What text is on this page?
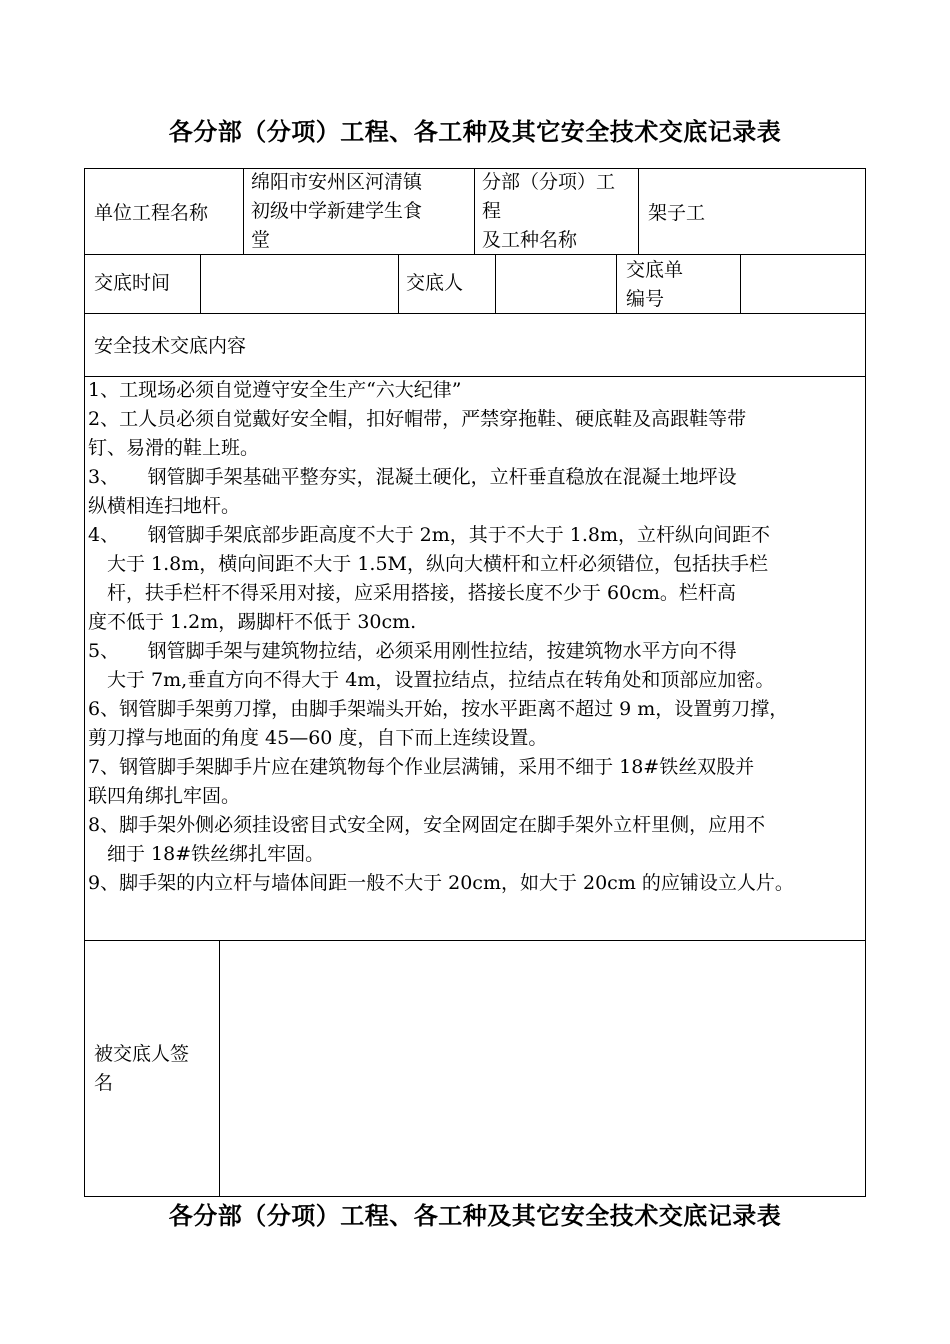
各分部（分项）工程、各工种及其它安全技术交底记录表
单位工程名称
绵阳市安州区河清镇
初级中学新建学生食
堂
分部（分项）工
程
及工种名称
架子工
交底时间	交底人
交底单
编号
安全技术交底内容
1、工现场必须自觉遵守安全生产“六大纪律”
2、工人员必须自觉戴好安全帽，扣好帽带，严禁穿拖鞋、硬底鞋及高跟鞋等带
钉、易滑的鞋上班。
3、　　钢管脚手架基础平整夯实，混凝土硬化，立杆垂直稳放在混凝土地坪设
纵横相连扫地杆。
4、　　钢管脚手架底部步距高度不大于 2m，其于不大于 1.8m，立杆纵向间距不
　大于 1.8m，横向间距不大于 1.5M，纵向大横杆和立杆必须错位，包括扶手栏
　杆，扶手栏杆不得采用对接，应采用搭接，搭接长度不少于 60cm。栏杆高
度不低于 1.2m，踢脚杆不低于 30cm.
5、　　钢管脚手架与建筑物拉结，必须采用刚性拉结，按建筑物水平方向不得
　大于 7m,垂直方向不得大于 4m，设置拉结点，拉结点在转角处和顶部应加密。
6、钢管脚手架剪刀撑，由脚手架端头开始，按水平距离不超过 9 m，设置剪刀撑，
剪刀撑与地面的角度 45—60 度，自下而上连续设置。
7、钢管脚手架脚手片应在建筑物每个作业层满铺，采用不细于 18#铁丝双股并
联四角绑扎牢固。
8、脚手架外侧必须挂设密目式安全网，安全网固定在脚手架外立杆里侧，应用不
　细于 18#铁丝绑扎牢固。
9、脚手架的内立杆与墙体间距一般不大于 20cm，如大于 20cm 的应铺设立人片。
被交底人签
名
各分部（分项）工程、各工种及其它安全技术交底记录表
